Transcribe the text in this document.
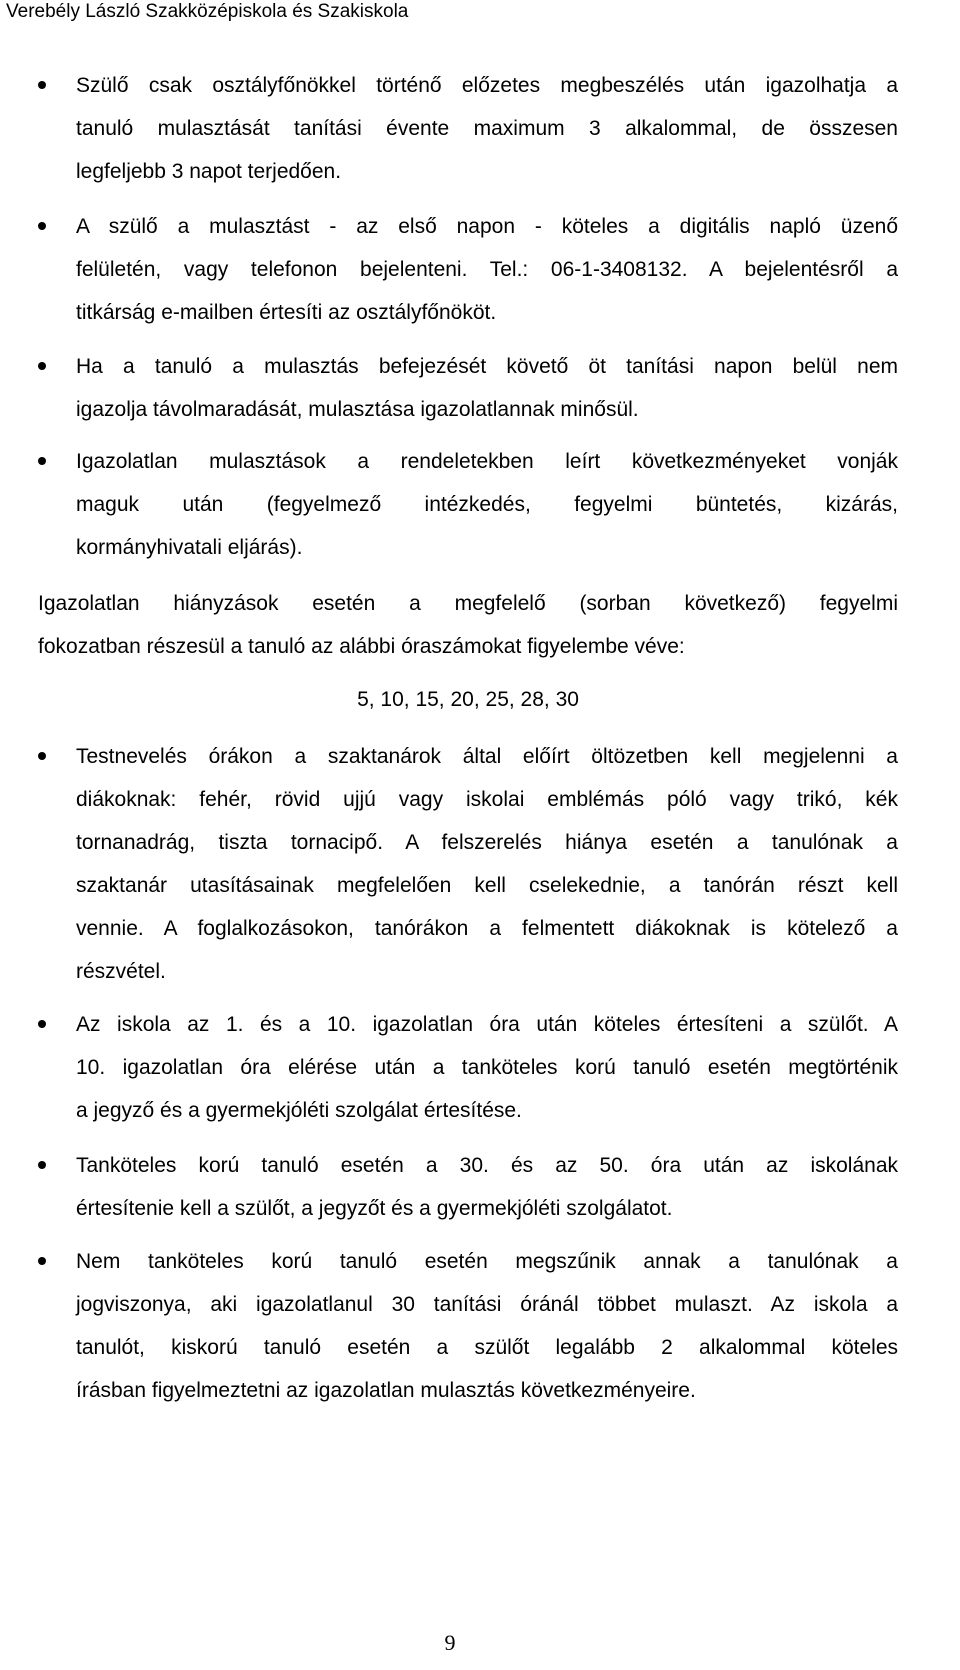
Verebély László Szakközépiskola és Szakiskola
Szülő csak osztályfőnökkel történő előzetes megbeszélés után igazolhatja a
tanuló mulasztását tanítási évente maximum 3 alkalommal, de összesen
legfeljebb 3 napot terjedően.
A szülő a mulasztást - az első napon - köteles a digitális napló üzenő
felületén, vagy telefonon bejelenteni. Tel.: 06-1-3408132. A bejelentésről a
titkárság e-mailben értesíti az osztályfőnököt.
Ha a tanuló a mulasztás befejezését követő öt tanítási napon belül nem
igazolja távolmaradását, mulasztása igazolatlannak minősül.
Igazolatlan mulasztások a rendeletekben leírt következményeket vonják
maguk után (fegyelmező intézkedés, fegyelmi büntetés, kizárás,
kormányhivatali eljárás).
Igazolatlan hiányzások esetén a megfelelő (sorban következő) fegyelmi
fokozatban részesül a tanuló az alábbi óraszámokat figyelembe véve:
5, 10, 15, 20, 25, 28, 30
Testnevelés órákon a szaktanárok által előírt öltözetben kell megjelenni a
diákoknak: fehér, rövid ujjú vagy iskolai emblémás póló vagy trikó, kék
tornanadrág, tiszta tornacipő. A felszerelés hiánya esetén a tanulónak a
szaktanár utasításainak megfelelően kell cselekednie, a tanórán részt kell
vennie. A foglalkozásokon, tanórákon a felmentett diákoknak is kötelező a
részvétel.
Az iskola az 1. és a 10. igazolatlan óra után köteles értesíteni a szülőt. A
10. igazolatlan óra elérése után a tanköteles korú tanuló esetén megtörténik
a jegyző és a gyermekjóléti szolgálat értesítése.
Tanköteles korú tanuló esetén a 30. és az 50. óra után az iskolának
értesítenie kell a szülőt, a jegyzőt és a gyermekjóléti szolgálatot.
Nem tanköteles korú tanuló esetén megszűnik annak a tanulónak a
jogviszonya, aki igazolatlanul 30 tanítási óránál többet mulaszt. Az iskola a
tanulót, kiskorú tanuló esetén a szülőt legalább 2 alkalommal köteles
írásban figyelmeztetni az igazolatlan mulasztás következményeire.
9
